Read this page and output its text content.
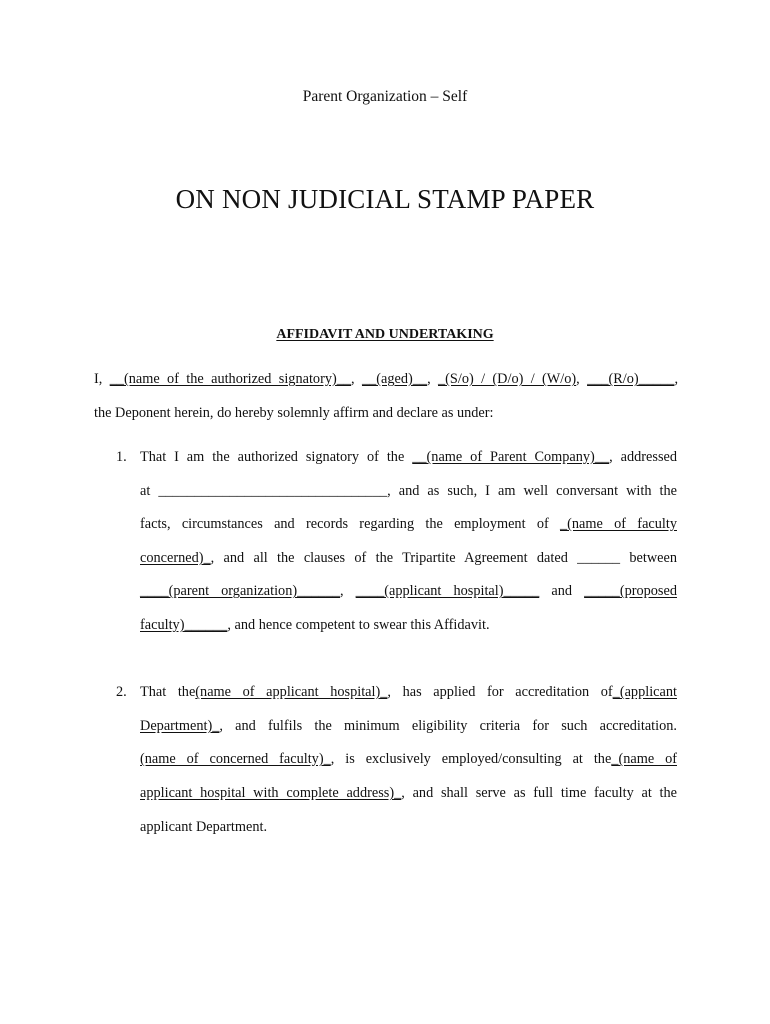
Parent Organization – Self
ON NON JUDICIAL STAMP PAPER
AFFIDAVIT AND UNDERTAKING
I, __(name of the authorized signatory)__, __(aged)__, _(S/o) / (D/o) / (W/o), ___(R/o)_____,
the Deponent herein, do hereby solemnly affirm and declare as under:
1. That I am the authorized signatory of the __(name of Parent Company)__, addressed
at ________________________________, and as such, I am well conversant with the
facts, circumstances and records regarding the employment of _(name of faculty
concerned)_, and all the clauses of the Tripartite Agreement dated ______ between
____(parent organization)______, ____(applicant hospital)_____ and _____(proposed
faculty)______, and hence competent to swear this Affidavit.
2. That the(name of applicant hospital)_, has applied for accreditation of_(applicant
Department)_, and fulfils the minimum eligibility criteria for such accreditation.
(name of concerned faculty)_, is exclusively employed/consulting at the_(name of
applicant hospital with complete address)_, and shall serve as full time faculty at the
applicant Department.
